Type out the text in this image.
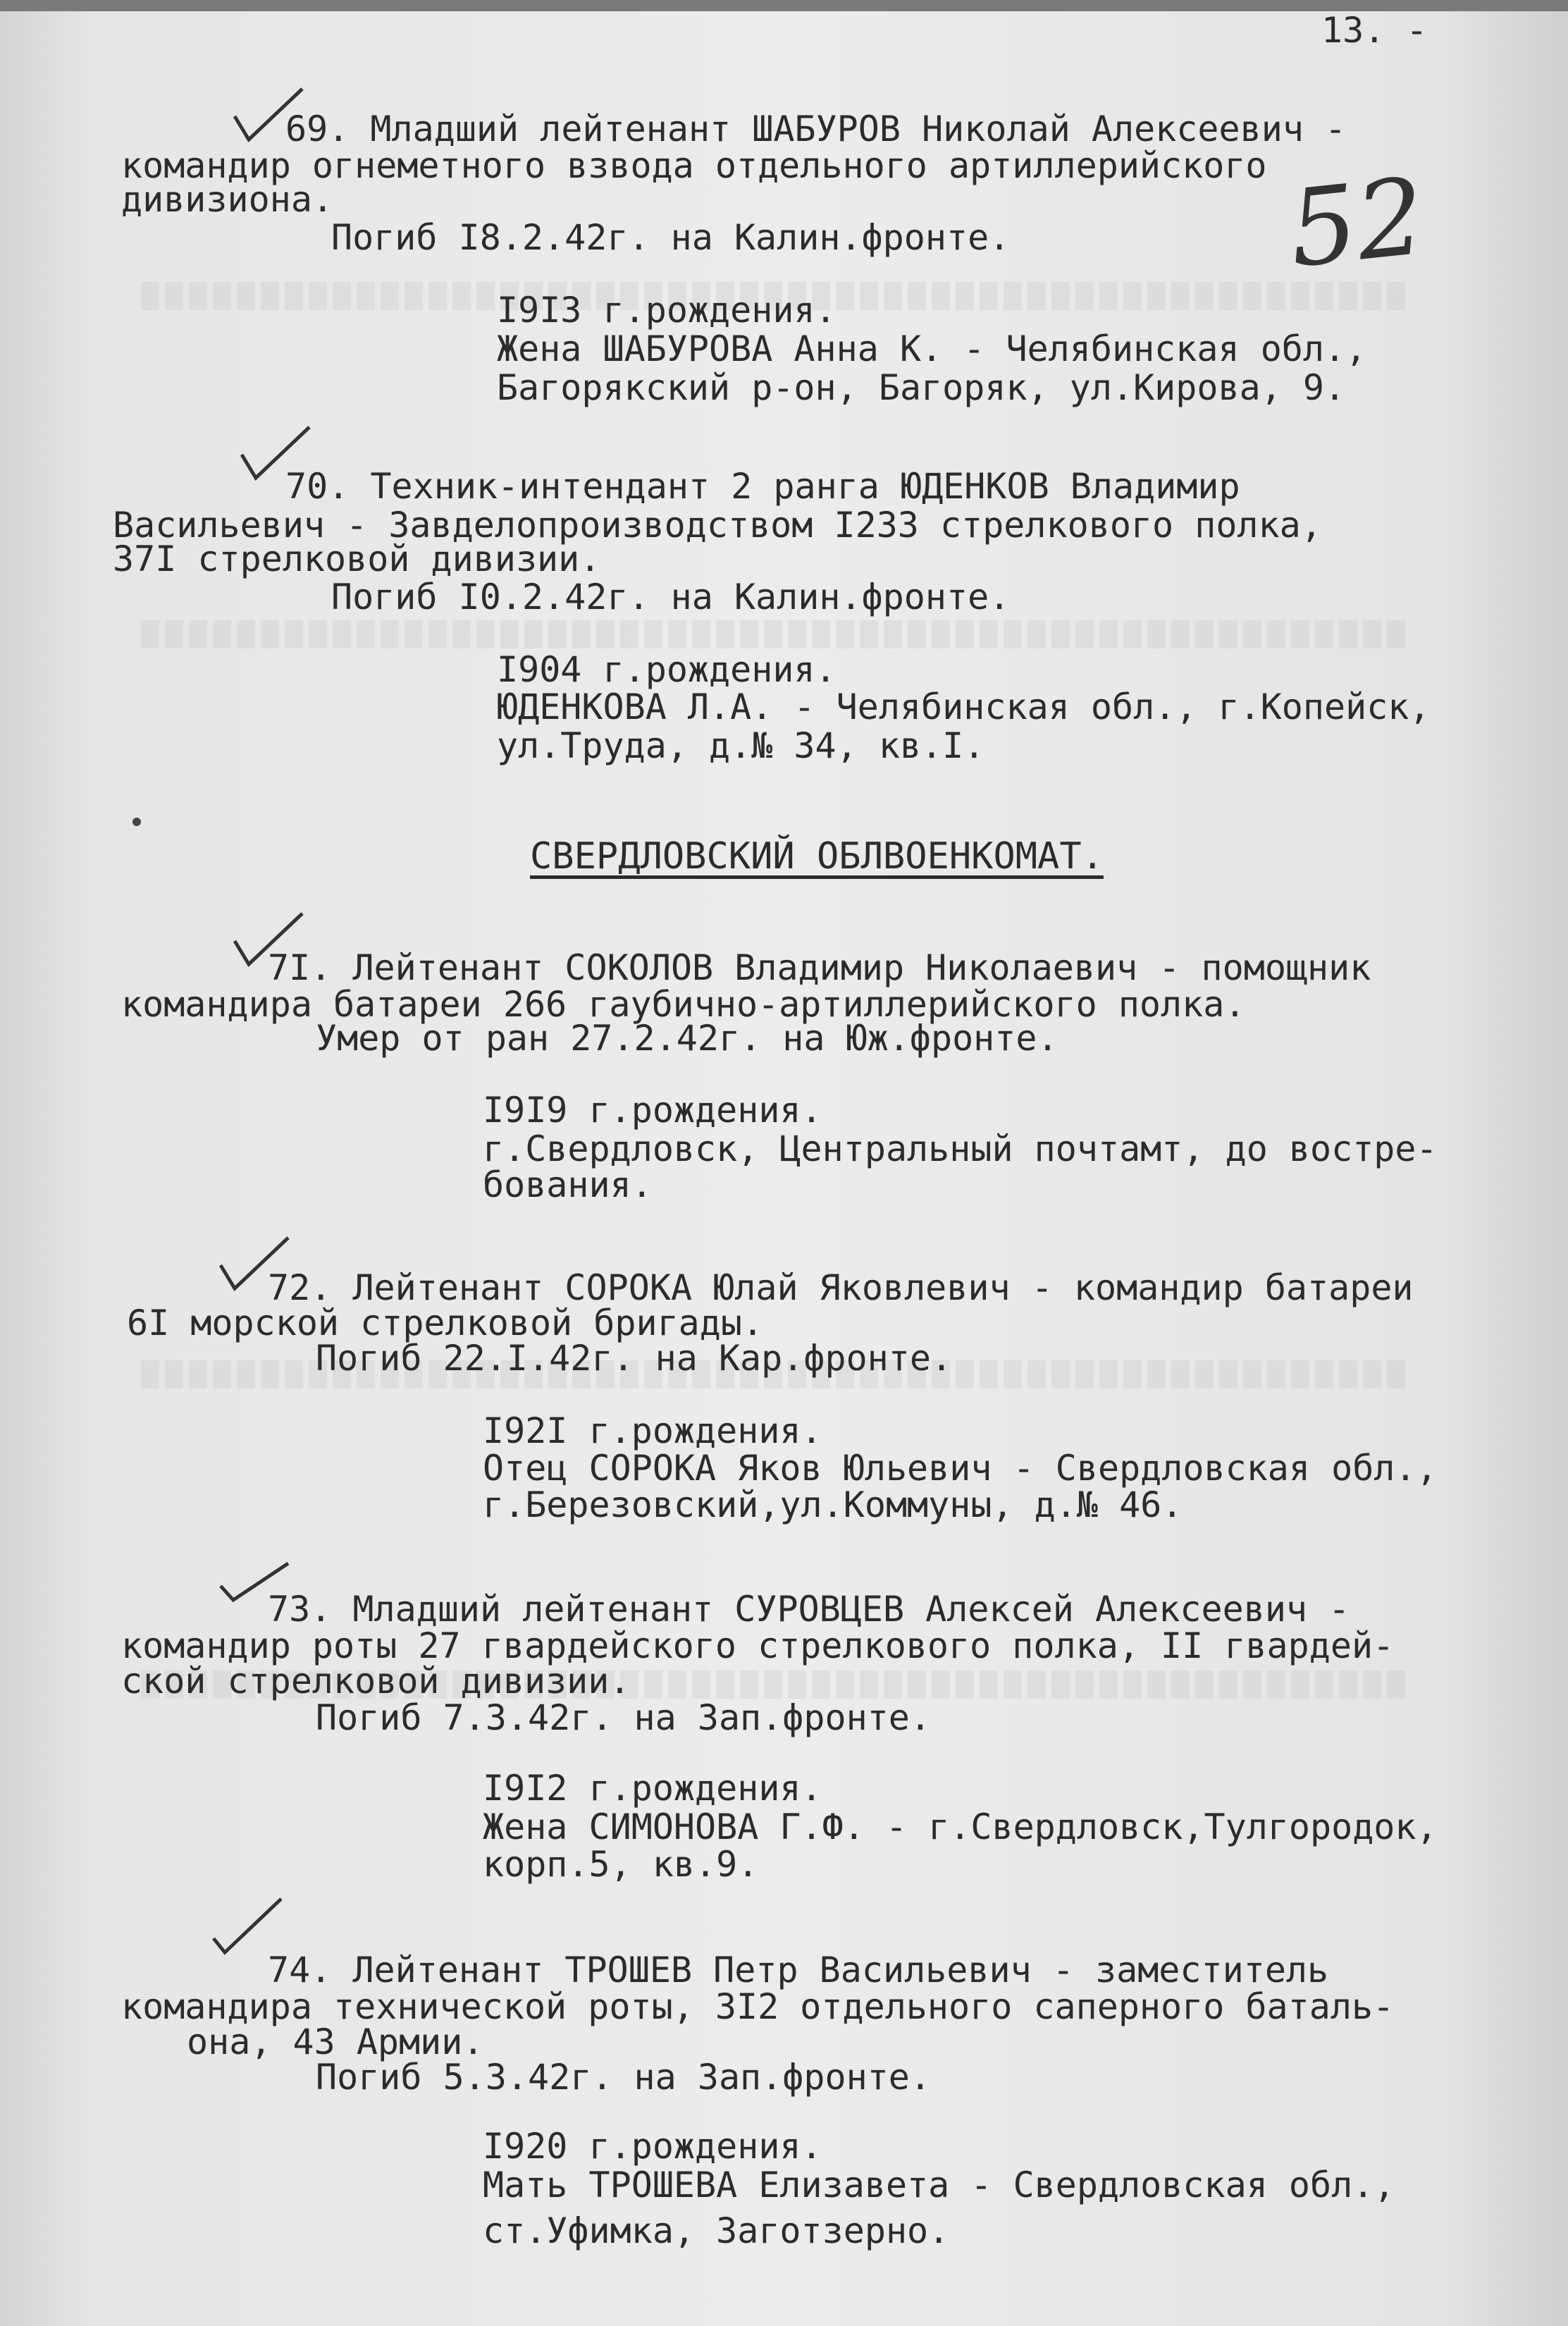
13. -
52
69. Младший лейтенант ШАБУРОВ Николай Алексеевич -
командир огнеметного взвода отдельного артиллерийского
дивизиона.
Погиб I8.2.42г. на Калин.фронте.
I9I3 г.рождения.
Жена ШАБУРОВА Анна К. - Челябинская обл.,
Багорякский р-он, Багоряк, ул.Кирова, 9.
70. Техник-интендант 2 ранга ЮДЕНКОВ Владимир
Васильевич - Завделопроизводством I233 стрелкового полка,
37I стрелковой дивизии.
Погиб I0.2.42г. на Калин.фронте.
I904 г.рождения.
ЮДЕНКОВА Л.А. - Челябинская обл., г.Копейск,
ул.Труда, д.№ 34, кв.I.
СВЕРДЛОВСКИЙ ОБЛВОЕНКОМАТ.
7I. Лейтенант СОКОЛОВ Владимир Николаевич - помощник
командира батареи 266 гаубично-артиллерийского полка.
Умер от ран 27.2.42г. на Юж.фронте.
I9I9 г.рождения.
г.Свердловск, Центральный почтамт, до востре-
бования.
72. Лейтенант СОРОКА Юлай Яковлевич - командир батареи
6I морской стрелковой бригады.
Погиб 22.I.42г. на Кар.фронте.
I92I г.рождения.
Отец СОРОКА Яков Юльевич - Свердловская обл.,
г.Березовский,ул.Коммуны, д.№ 46.
73. Младший лейтенант СУРОВЦЕВ Алексей Алексеевич -
командир роты 27 гвардейского стрелкового полка, II гвардей-
ской стрелковой дивизии.
Погиб 7.3.42г. на Зап.фронте.
I9I2 г.рождения.
Жена СИМОНОВА Г.Ф. - г.Свердловск,Тулгородок,
корп.5, кв.9.
74. Лейтенант ТРОШЕВ Петр Васильевич - заместитель
командира технической роты, 3I2 отдельного саперного баталь-
она, 43 Армии.
Погиб 5.3.42г. на Зап.фронте.
I920 г.рождения.
Мать ТРОШЕВА Елизавета - Свердловская обл.,
ст.Уфимка, Заготзерно.
